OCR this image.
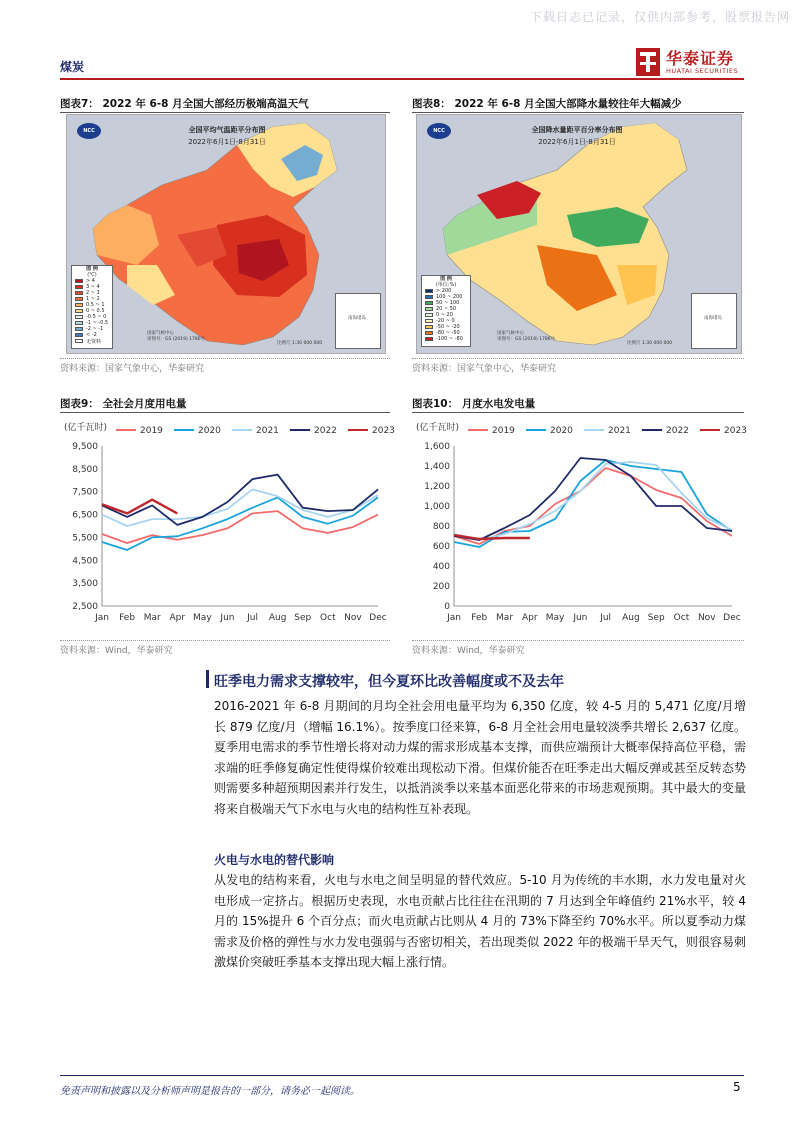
下载日志已记录，仅供内部参考，股票报告网
煤炭	华泰证券
HUATAI SECURITIES
图表7： 2022 年 6-8 月全国大部经历极端高温天气
NCC	全国平均气温距平分布图
2022年6月1日-8月31日
图 例
(℃)
> 4
3 ~ 4
2 ~ 3
1 ~ 2
0.5 ~ 1
0 ~ 0.5
-0.5 ~ 0
-1 ~ -0.5
-2 ~ -1
< -2
无资料
国家气候中心
审图号：GS (2019) 1786号
比例尺 1:30 000 000
南海诸岛
资料来源：国家气象中心，华泰研究
图表8： 2022 年 6-8 月全国大部降水量较往年大幅减少
NCC	全国降水量距平百分率分布图
2022年6月1日-8月31日
图 例
(单位:%)
> 200
100 ~ 200
50 ~ 100
20 ~ 50
0 ~ 20
-20 ~ 0
-50 ~ -20
-80 ~ -50
-100 ~ -80
国家气候中心
审图号：GS (2019) 1786号
比例尺 1:30 000 000
南海诸岛
资料来源：国家气象中心，华泰研究
图表9： 全社会月度用电量
(亿千瓦时)	2019	2020	2021	2022	2023
2,500
3,500
4,500
5,500
6,500
7,500
8,500
9,500
Jan Feb Mar Apr May Jun Jul Aug Sep Oct Nov Dec
资料来源：Wind，华泰研究
图表10： 月度水电发电量
(亿千瓦时)	2019	2020	2021	2022	2023
0
200
400
600
800
1,000
1,200
1,400
1,600
Jan Feb Mar Apr May Jun Jul Aug Sep Oct Nov Dec
资料来源：Wind，华泰研究
旺季电力需求支撑较牢，但今夏环比改善幅度或不及去年
2016-2021 年 6-8 月期间的月均全社会用电量平均为 6,350 亿度，较 4-5 月的 5,471 亿度/月增长 879 亿度/月（增幅 16.1%）。按季度口径来算，6-8 月全社会用电量较淡季共增长 2,637 亿度。夏季用电需求的季节性增长将对动力煤的需求形成基本支撑，而供应端预计大概率保持高位平稳，需求端的旺季修复确定性使得煤价较难出现松动下滑。但煤价能否在旺季走出大幅反弹或甚至反转态势则需要多种超预期因素并行发生，以抵消淡季以来基本面恶化带来的市场悲观预期。其中最大的变量将来自极端天气下水电与火电的结构性互补表现。
火电与水电的替代影响
从发电的结构来看，火电与水电之间呈明显的替代效应。5-10 月为传统的丰水期，水力发电量对火电形成一定挤占。根据历史表现，水电贡献占比往往在汛期的 7 月达到全年峰值约 21%水平，较 4 月的 15%提升 6 个百分点；而火电贡献占比则从 4 月的 73%下降至约 70%水平。所以夏季动力煤需求及价格的弹性与水力发电强弱与否密切相关，若出现类似 2022 年的极端干旱天气，则很容易刺激煤价突破旺季基本支撑出现大幅上涨行情。
免责声明和披露以及分析师声明是报告的一部分，请务必一起阅读。	5
